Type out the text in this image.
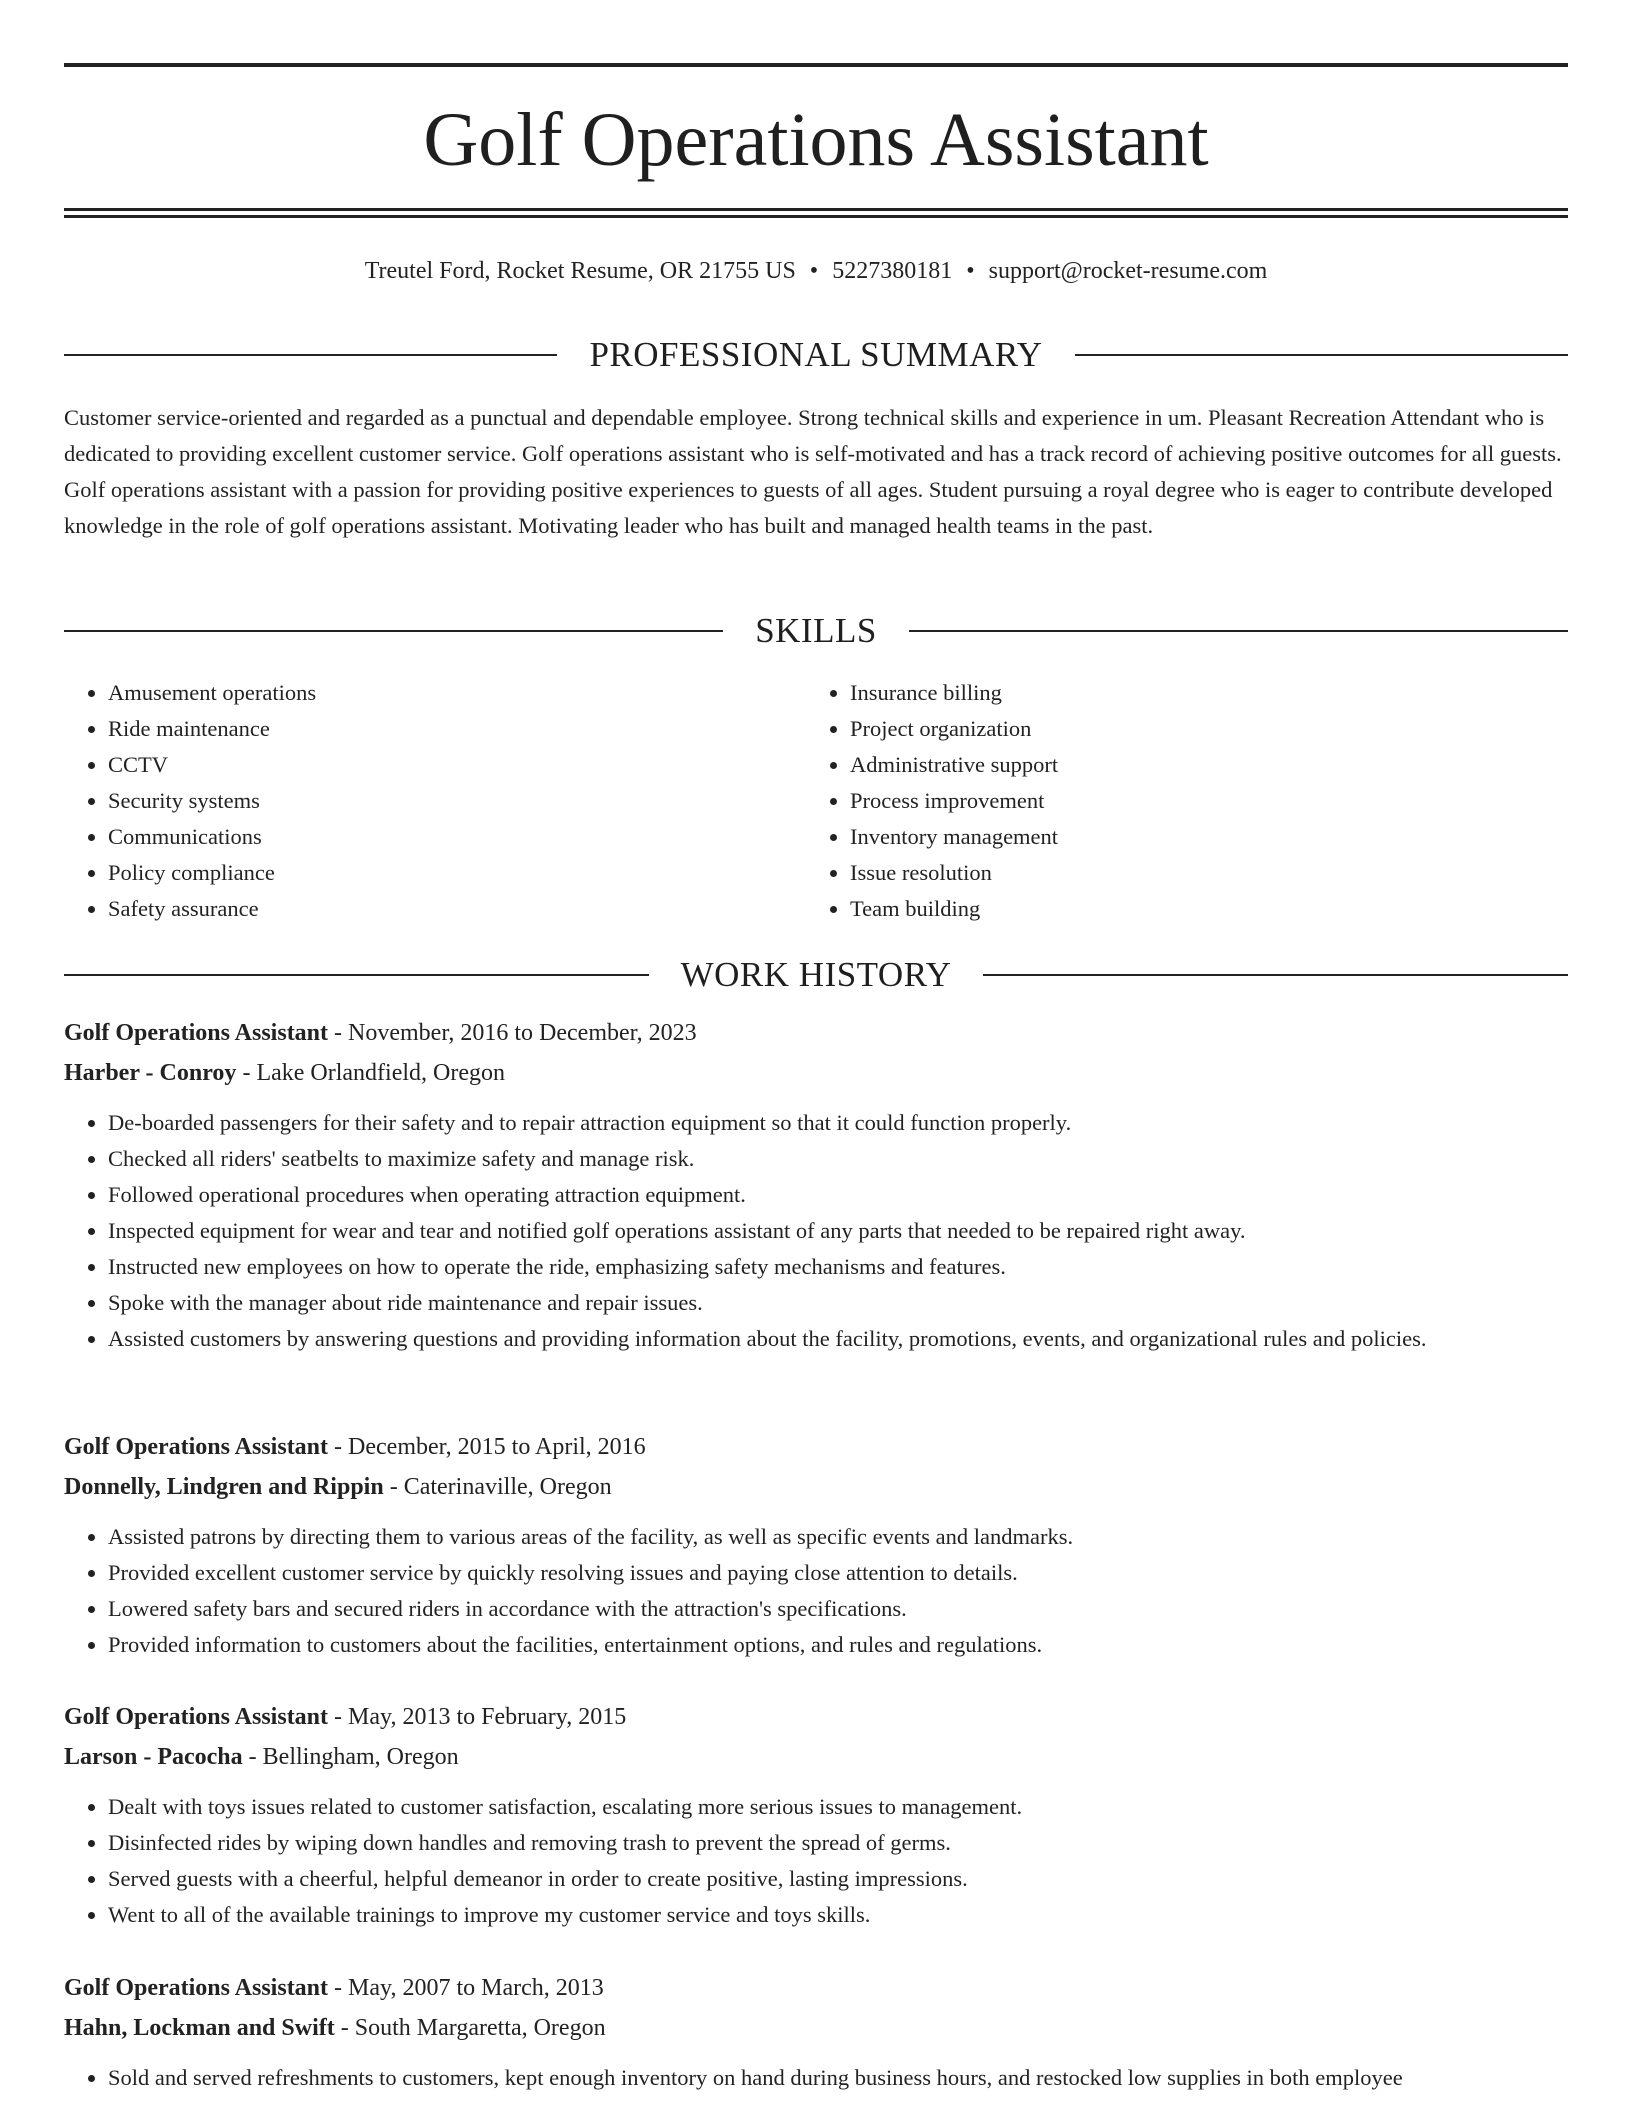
Golf Operations Assistant
Treutel Ford, Rocket Resume, OR 21755 US • 5227380181 • support@rocket-resume.com
PROFESSIONAL SUMMARY

Customer service-oriented and regarded as a punctual and dependable employee. Strong technical skills and experience in um. Pleasant Recreation Attendant who is dedicated to providing excellent customer service. Golf operations assistant who is self-motivated and has a track record of achieving positive outcomes for all guests. Golf operations assistant with a passion for providing positive experiences to guests of all ages. Student pursuing a royal degree who is eager to contribute developed knowledge in the role of golf operations assistant. Motivating leader who has built and managed health teams in the past.

SKILLS
• Amusement operations
• Ride maintenance
• CCTV
• Security systems
• Communications
• Policy compliance
• Safety assurance
• Insurance billing
• Project organization
• Administrative support
• Process improvement
• Inventory management
• Issue resolution
• Team building
WORK HISTORY
Golf Operations Assistant - November, 2016 to December, 2023
Harber - Conroy - Lake Orlandfield, Oregon
• De-boarded passengers for their safety and to repair attraction equipment so that it could function properly.
• Checked all riders' seatbelts to maximize safety and manage risk.
• Followed operational procedures when operating attraction equipment.
• Inspected equipment for wear and tear and notified golf operations assistant of any parts that needed to be repaired right away.
• Instructed new employees on how to operate the ride, emphasizing safety mechanisms and features.
• Spoke with the manager about ride maintenance and repair issues.
• Assisted customers by answering questions and providing information about the facility, promotions, events, and organizational rules and policies.
Golf Operations Assistant - December, 2015 to April, 2016
Donnelly, Lindgren and Rippin - Caterinaville, Oregon
• Assisted patrons by directing them to various areas of the facility, as well as specific events and landmarks.
• Provided excellent customer service by quickly resolving issues and paying close attention to details.
• Lowered safety bars and secured riders in accordance with the attraction's specifications.
• Provided information to customers about the facilities, entertainment options, and rules and regulations.
Golf Operations Assistant - May, 2013 to February, 2015
Larson - Pacocha - Bellingham, Oregon
• Dealt with toys issues related to customer satisfaction, escalating more serious issues to management.
• Disinfected rides by wiping down handles and removing trash to prevent the spread of germs.
• Served guests with a cheerful, helpful demeanor in order to create positive, lasting impressions.
• Went to all of the available trainings to improve my customer service and toys skills.
Golf Operations Assistant - May, 2007 to March, 2013
Hahn, Lockman and Swift - South Margaretta, Oregon
• Sold and served refreshments to customers, kept enough inventory on hand during business hours, and restocked low supplies in both employee
